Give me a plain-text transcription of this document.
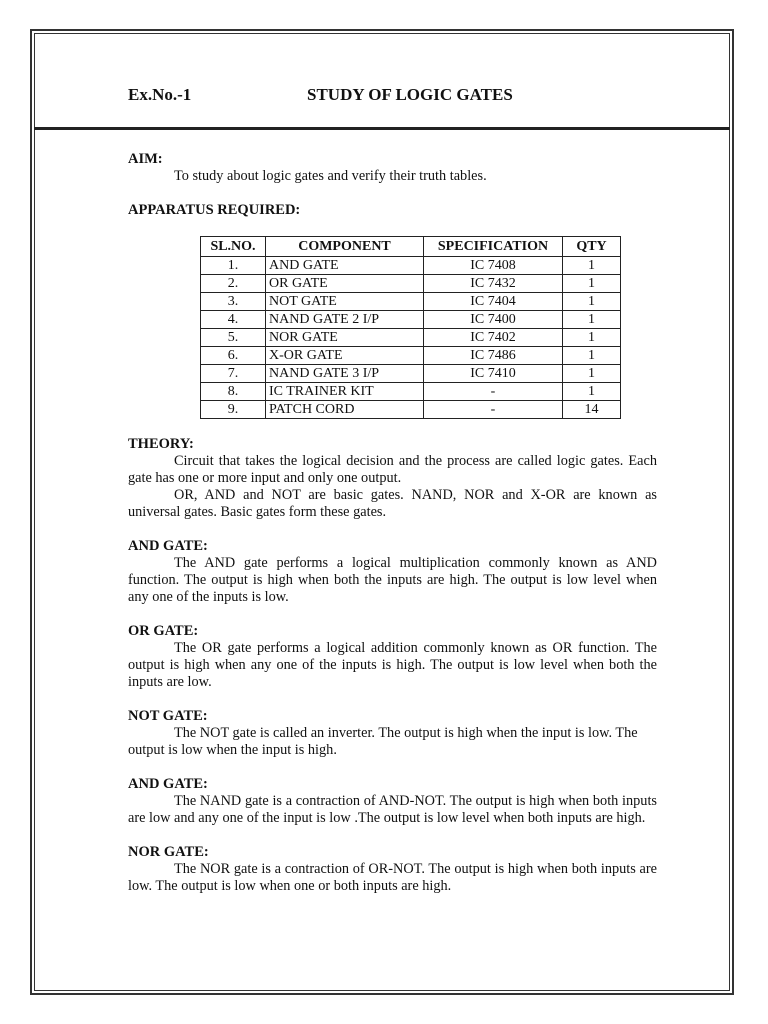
Ex.No.-1	STUDY OF LOGIC GATES

AIM:

To study about logic gates and verify their truth tables.

APPARATUS REQUIRED:

SL.NO.	COMPONENT	SPECIFICATION	QTY
1.	AND GATE	IC 7408	1
2.	OR GATE	IC 7432	1
3.	NOT GATE	IC 7404	1
4.	NAND GATE 2 I/P	IC 7400	1
5.	NOR GATE	IC 7402	1
6.	X-OR GATE	IC 7486	1
7.	NAND GATE 3 I/P	IC 7410	1
8.	IC TRAINER KIT	-	1
9.	PATCH CORD	-	14

THEORY:

Circuit that takes the logical decision and the process are called logic gates. Each gate has one or more input and only one output.

OR, AND and NOT are basic gates. NAND, NOR and X-OR are known as universal gates. Basic gates form these gates.

AND GATE:

The AND gate performs a logical multiplication commonly known as AND function. The output is high when both the inputs are high. The output is low level when any one of the inputs is low.

OR GATE:

The OR gate performs a logical addition commonly known as OR function. The output is high when any one of the inputs is high. The output is low level when both the inputs are low.

NOT GATE:

The NOT gate is called an inverter. The output is high when the input is low. The output is low when the input is high.

AND GATE:

The NAND gate is a contraction of AND-NOT. The output is high when both inputs are low and any one of the input is low .The output is low level when both inputs are high.

NOR GATE:

The NOR gate is a contraction of OR-NOT. The output is high when both inputs are low. The output is low when one or both inputs are high.
